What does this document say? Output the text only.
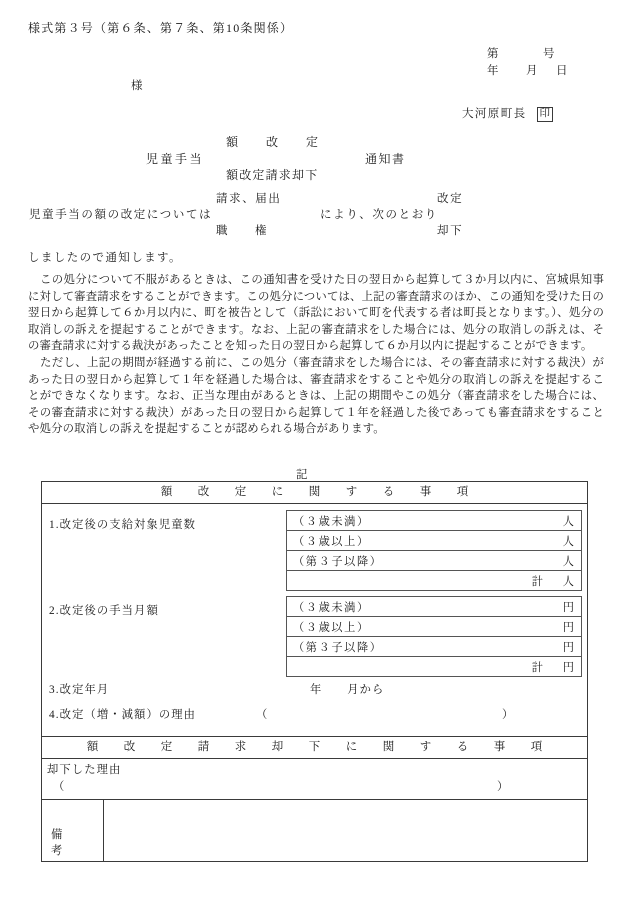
様式第３号（第６条、第７条、第10条関係）
第	号
年 月 日
様
大河原町長 印
額　改　定
児童手当
額改定請求却下
通知書
請求、届出
児童手当の額の改定については
職　権
により、次のとおり
改定
却下
しましたので通知します。
この処分について不服があるときは、この通知書を受けた日の翌日から起算して３か月以内に、宮城県知事に対して審査請求をすることができます。この処分については、上記の審査請求のほか、この通知を受けた日の翌日から起算して６か月以内に、町を被告として（訴訟において町を代表する者は町長となります。）、処分の取消しの訴えを提起することができます。なお、上記の審査請求をした場合には、処分の取消しの訴えは、その審査請求に対する裁決があったことを知った日の翌日から起算して６か月以内に提起することができます。
ただし、上記の期間が経過する前に、この処分（審査請求をした場合には、その審査請求に対する裁決）があった日の翌日から起算して１年を経過した場合は、審査請求をすることや処分の取消しの訴えを提起することができなくなります。なお、正当な理由があるときは、上記の期間やこの処分（審査請求をした場合には、その審査請求に対する裁決）があった日の翌日から起算して１年を経過した後であっても審査請求をすることや処分の取消しの訴えを提起することが認められる場合があります。
記
額　改　定　に　関　す　る　事　項
1.改定後の支給対象児童数	（３歳未満）	人
（３歳以上）	人
（第３子以降）	人
計 人
2.改定後の手当月額	（３歳未満）	円
（３歳以上）	円
（第３子以降）	円
計 円
3.改定年月	年　　月から
4.改定（増・減額）の理由	（	）
額　改　定　請　求　却　下　に　関　す　る　事　項
却下した理由
（	）
備　考
